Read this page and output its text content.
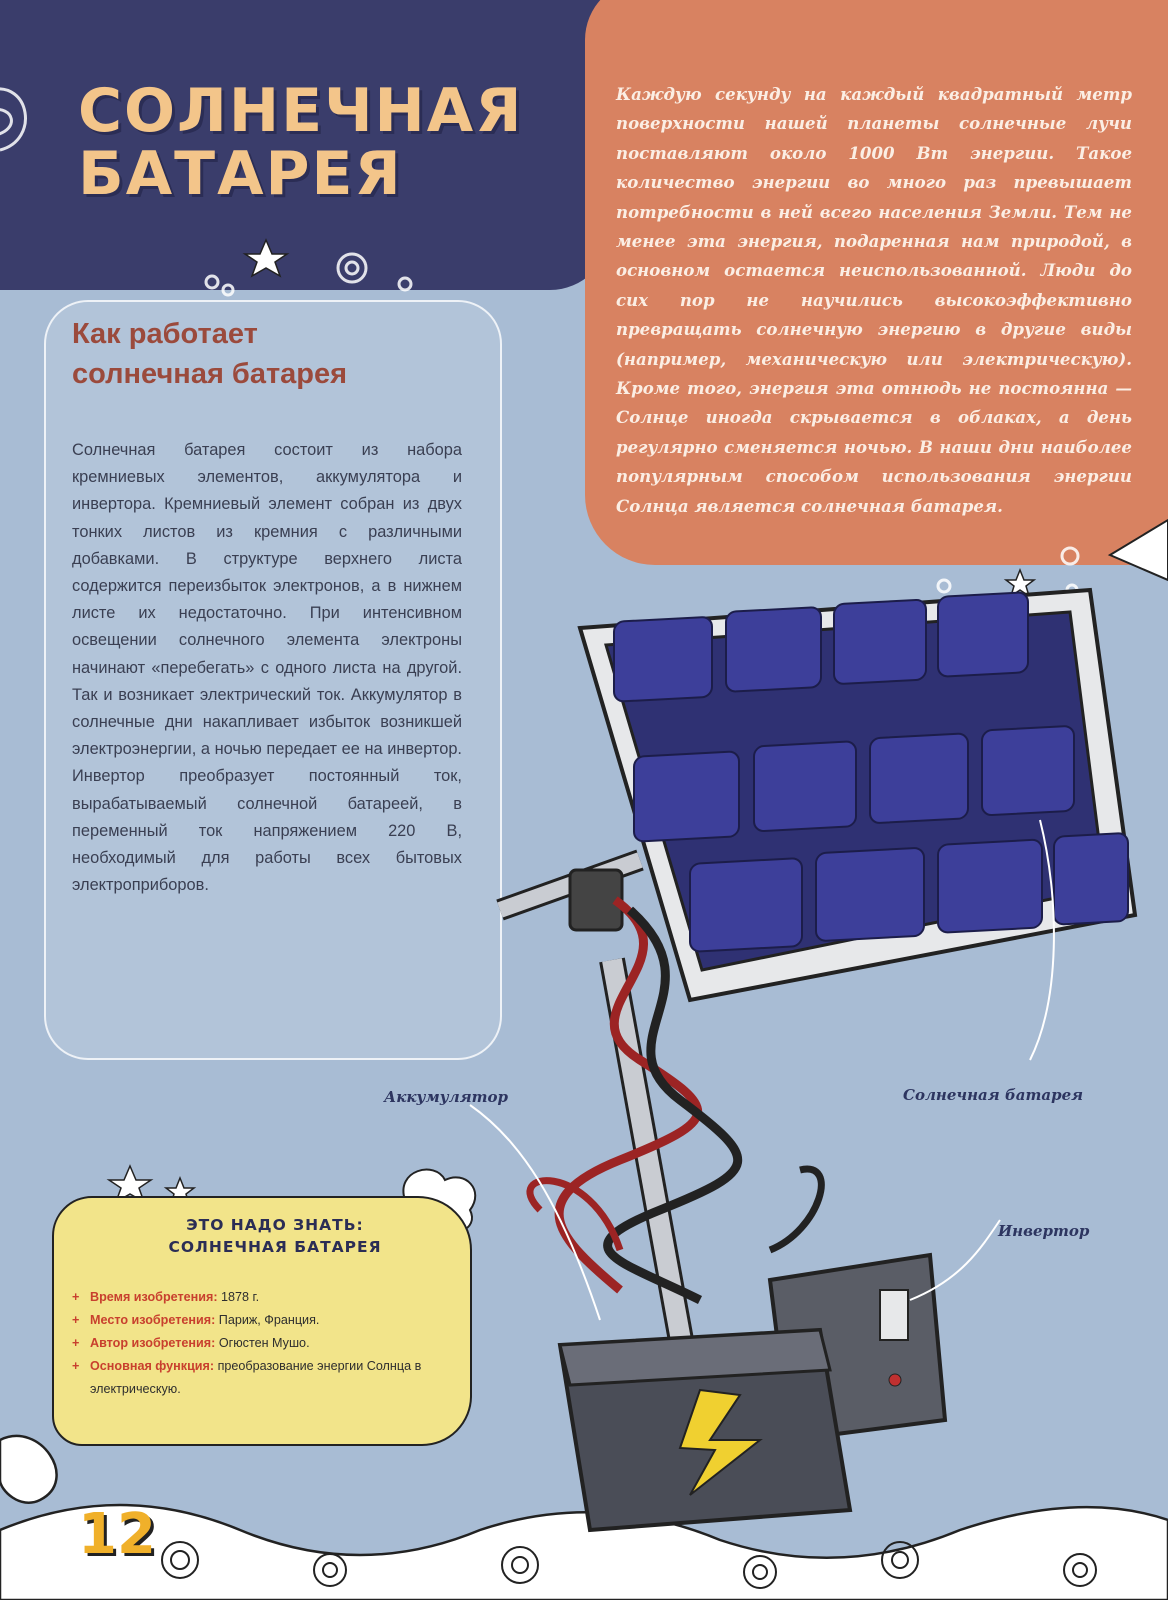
СОЛНЕЧНАЯ
БАТАРЕЯ
Каждую секунду на каждый квадратный метр поверхности нашей планеты солнечные лучи поставляют около 1000 Вт энергии. Такое количество энергии во много раз превышает потребности в ней всего населения Земли. Тем не менее эта энергия, подаренная нам природой, в основном остается неиспользованной. Люди до сих пор не научились высокоэффективно превращать солнечную энергию в другие виды (например, механическую или электрическую). Кроме того, энергия эта отнюдь не постоянна — Солнце иногда скрывается в облаках, а день регулярно сменяется ночью. В наши дни наиболее популярным способом использования энергии Солнца является солнечная батарея.
Как работает
солнечная батарея
Солнечная батарея состоит из набора кремниевых элементов, аккумулятора и инвертора. Кремниевый элемент собран из двух тонких листов из кремния с различными добавками. В структуре верхнего листа содержится переизбыток электронов, а в нижнем листе их недостаточно. При интенсивном освещении солнечного элемента электроны начинают «перебегать» с одного листа на другой. Так и возникает электрический ток. Аккумулятор в солнечные дни накапливает избыток возникшей электроэнергии, а ночью передает ее на инвертор. Инвертор преобразует постоянный ток, вырабатываемый солнечной батареей, в переменный ток напряжением 220 В, необходимый для работы всех бытовых электроприборов.
Аккумулятор	Солнечная батарея
Инвертор
ЭТО НАДО ЗНАТЬ:
СОЛНЕЧНАЯ БАТАРЕЯ
+ Время изобретения: 1878 г.
+ Место изобретения: Париж, Франция.
+ Автор изобретения: Огюстен Мушо.
+ Основная функция: преобразование энергии Солнца в электрическую.
12
